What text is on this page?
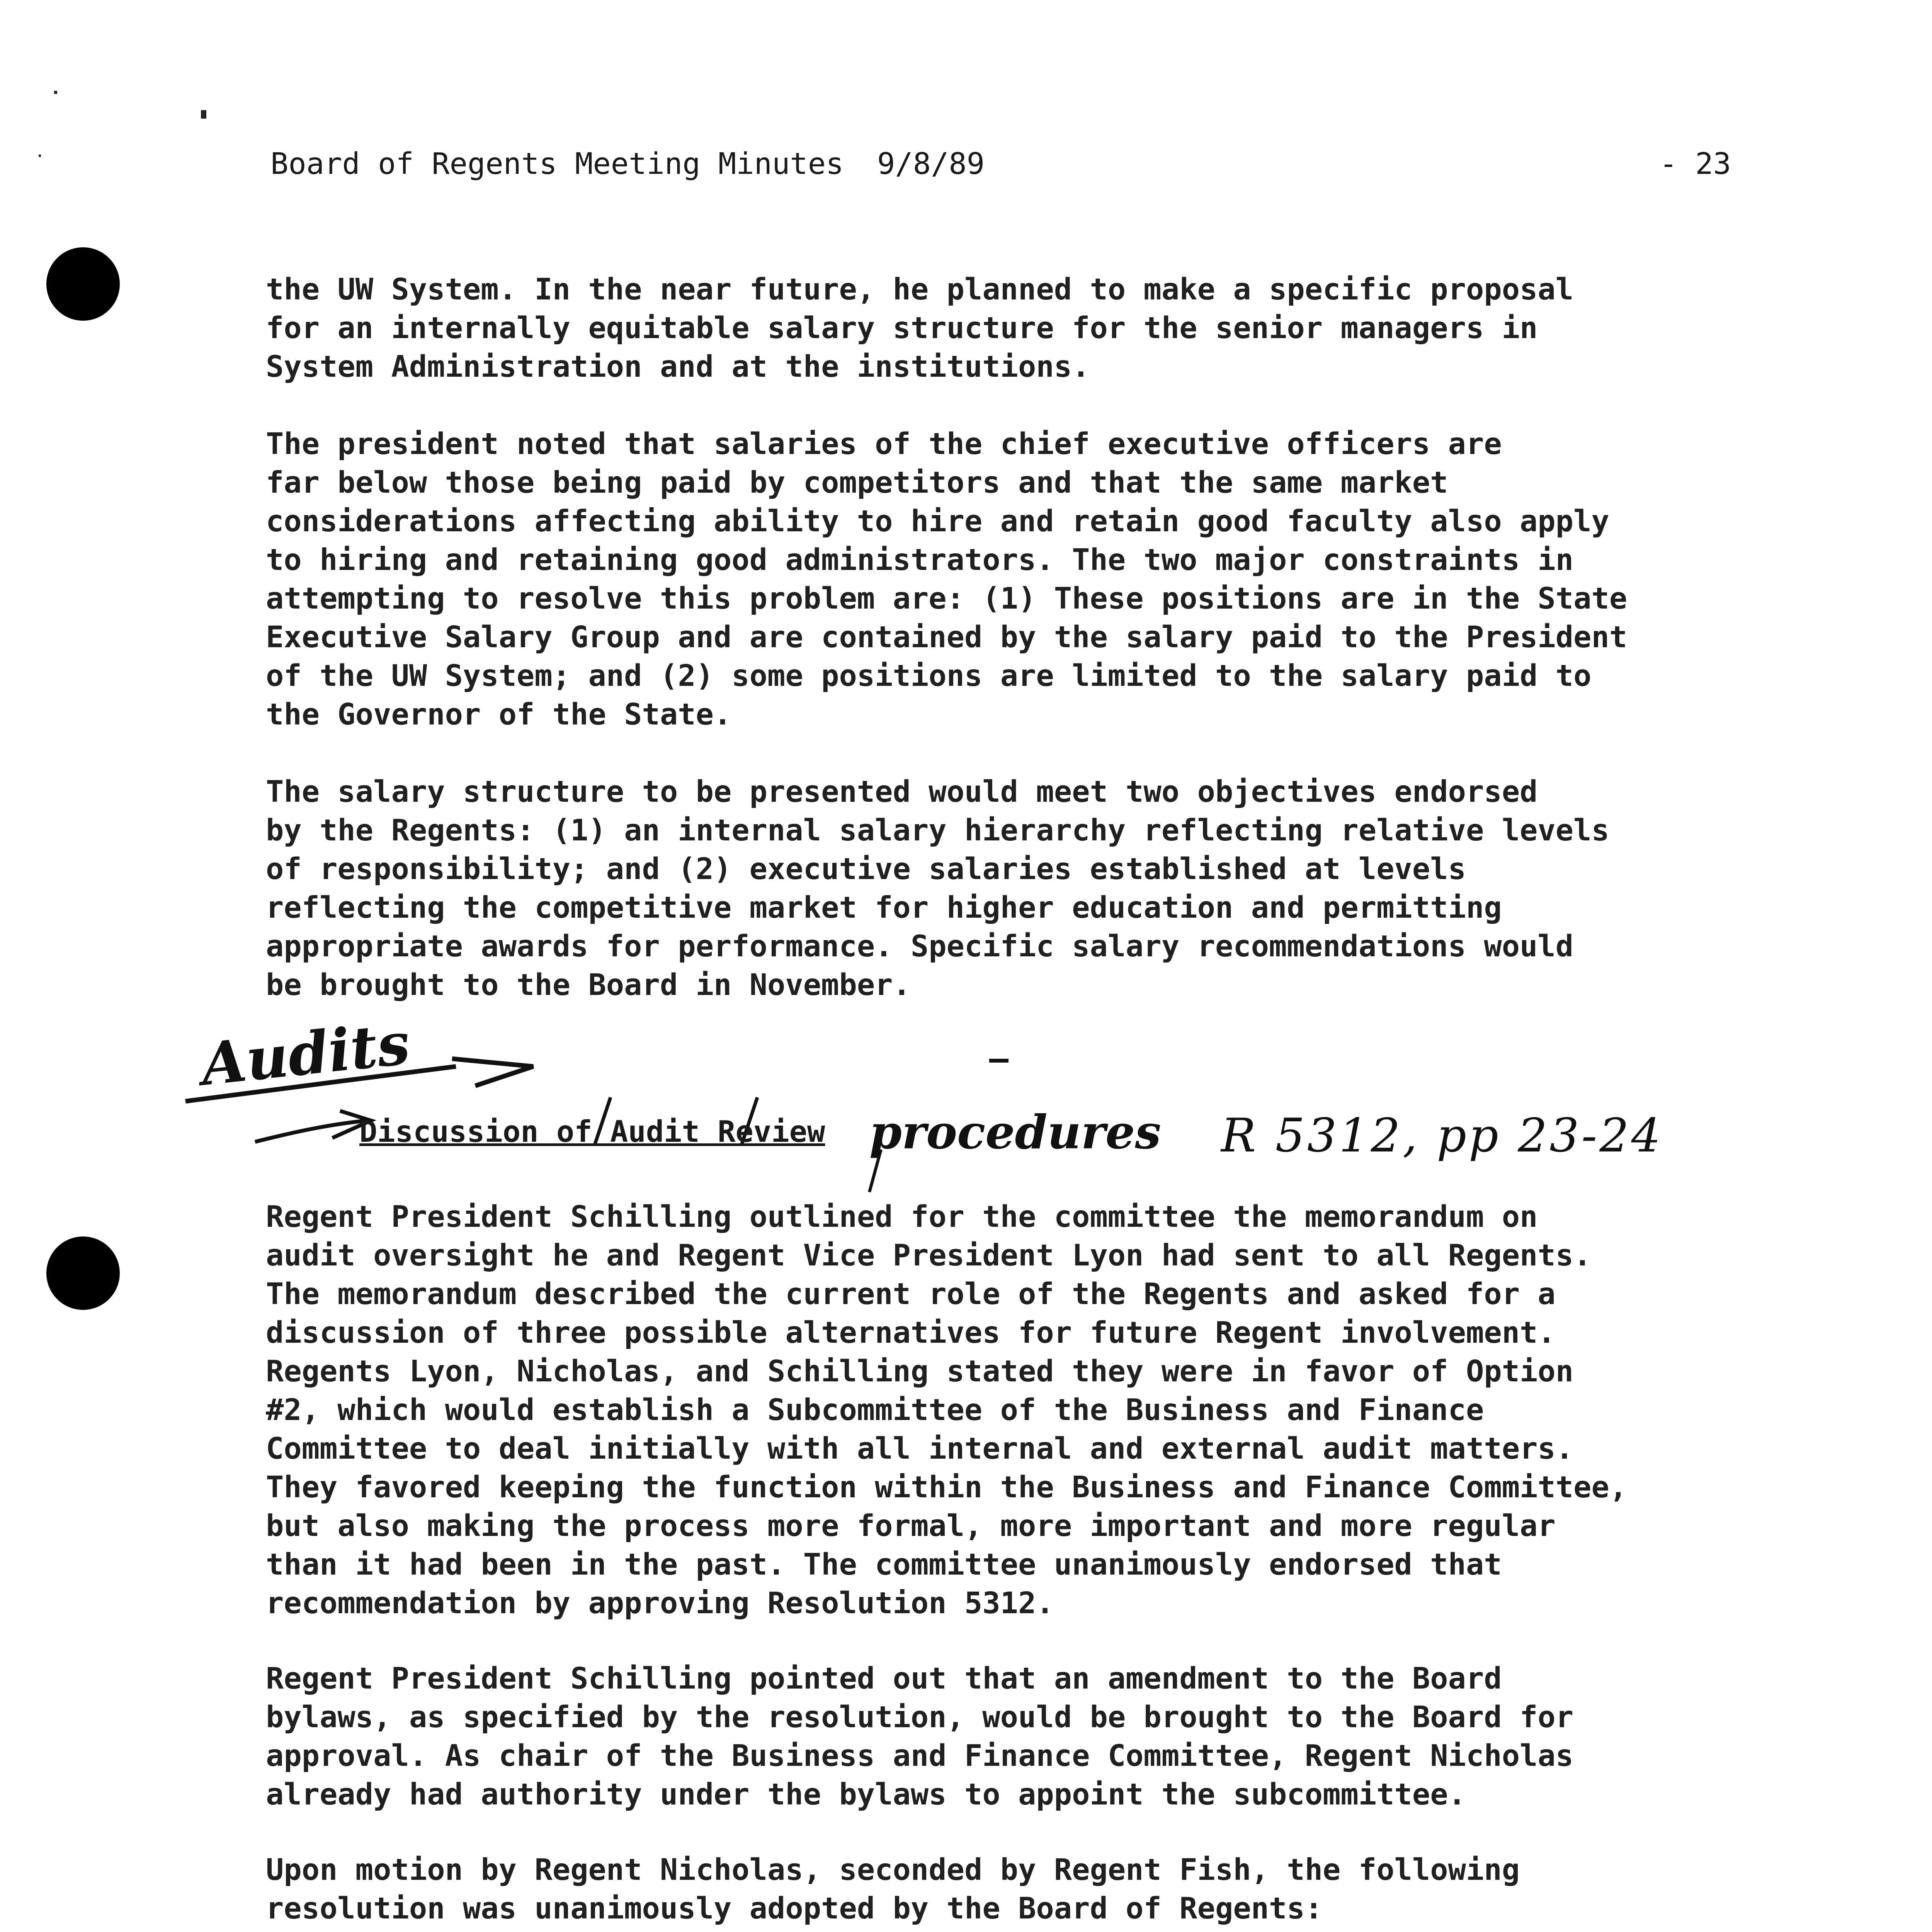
Board of Regents Meeting Minutes 9/8/89	- 23

the UW System. In the near future, he planned to make a specific proposal
for an internally equitable salary structure for the senior managers in
System Administration and at the institutions.

The president noted that salaries of the chief executive officers are
far below those being paid by competitors and that the same market
considerations affecting ability to hire and retain good faculty also apply
to hiring and retaining good administrators. The two major constraints in
attempting to resolve this problem are: (1) These positions are in the State
Executive Salary Group and are contained by the salary paid to the President
of the UW System; and (2) some positions are limited to the salary paid to
the Governor of the State.

The salary structure to be presented would meet two objectives endorsed
by the Regents: (1) an internal salary hierarchy reflecting relative levels
of responsibility; and (2) executive salaries established at levels
reflecting the competitive market for higher education and permitting
appropriate awards for performance. Specific salary recommendations would
be brought to the Board in November.

Audits
Discussion of Audit Review procedures R 5312, pp 23-24

Regent President Schilling outlined for the committee the memorandum on
audit oversight he and Regent Vice President Lyon had sent to all Regents.
The memorandum described the current role of the Regents and asked for a
discussion of three possible alternatives for future Regent involvement.
Regents Lyon, Nicholas, and Schilling stated they were in favor of Option
#2, which would establish a Subcommittee of the Business and Finance
Committee to deal initially with all internal and external audit matters.
They favored keeping the function within the Business and Finance Committee,
but also making the process more formal, more important and more regular
than it had been in the past. The committee unanimously endorsed that
recommendation by approving Resolution 5312.

Regent President Schilling pointed out that an amendment to the Board
bylaws, as specified by the resolution, would be brought to the Board for
approval. As chair of the Business and Finance Committee, Regent Nicholas
already had authority under the bylaws to appoint the subcommittee.

Upon motion by Regent Nicholas, seconded by Regent Fish, the following
resolution was unanimously adopted by the Board of Regents:
